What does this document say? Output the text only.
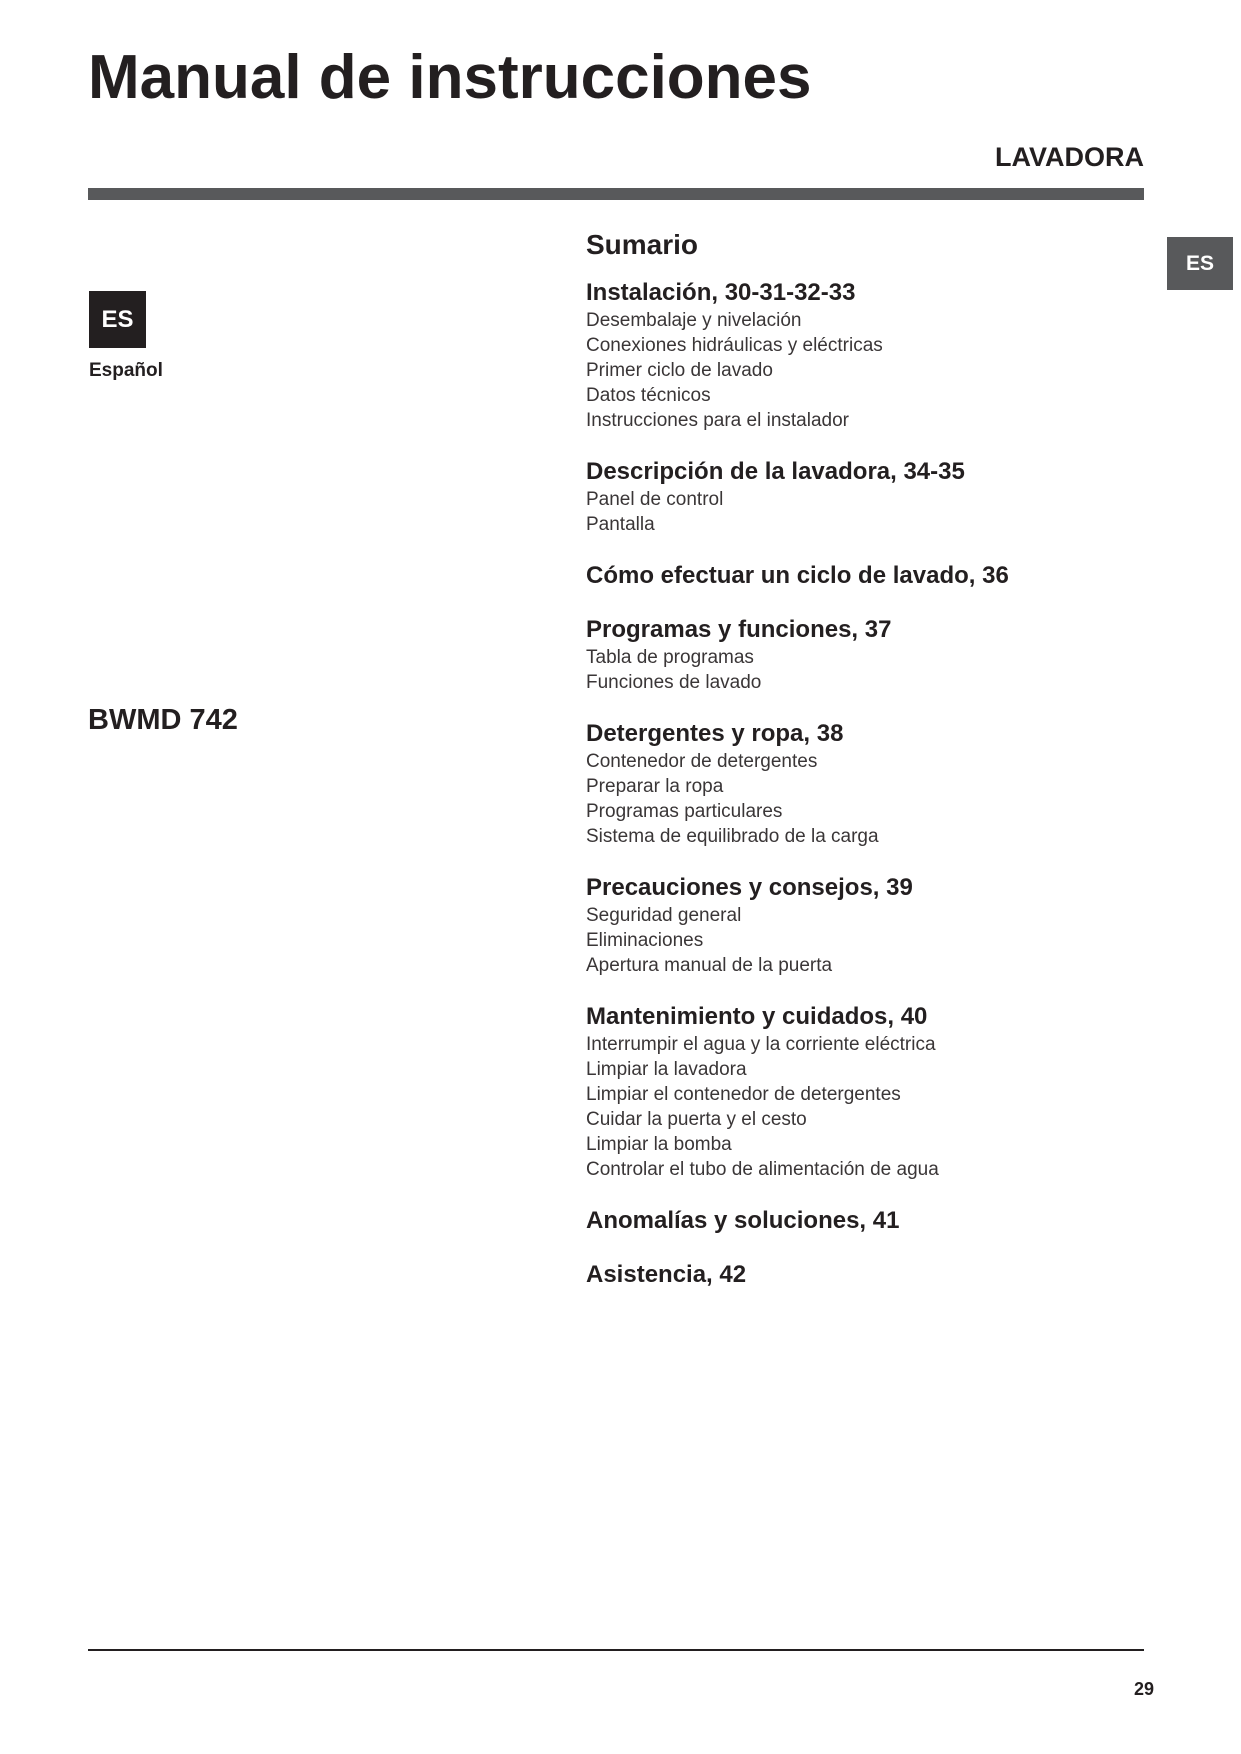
Manual de instrucciones
LAVADORA
ES
Español
BWMD 742
ES
Sumario
Instalación, 30-31-32-33
Desembalaje y nivelación
Conexiones hidráulicas y eléctricas
Primer ciclo de lavado
Datos técnicos
Instrucciones para el instalador
Descripción de la lavadora, 34-35
Panel de control
Pantalla
Cómo efectuar un ciclo de lavado, 36
Programas y funciones, 37
Tabla de programas
Funciones de lavado
Detergentes y ropa, 38
Contenedor de detergentes
Preparar la ropa
Programas particulares
Sistema de equilibrado de la carga
Precauciones y consejos, 39
Seguridad general
Eliminaciones
Apertura manual de la puerta
Mantenimiento y cuidados, 40
Interrumpir el agua y la corriente eléctrica
Limpiar la lavadora
Limpiar el contenedor de detergentes
Cuidar la puerta y el cesto
Limpiar la bomba
Controlar el tubo de alimentación de agua
Anomalías y soluciones, 41
Asistencia, 42
29
